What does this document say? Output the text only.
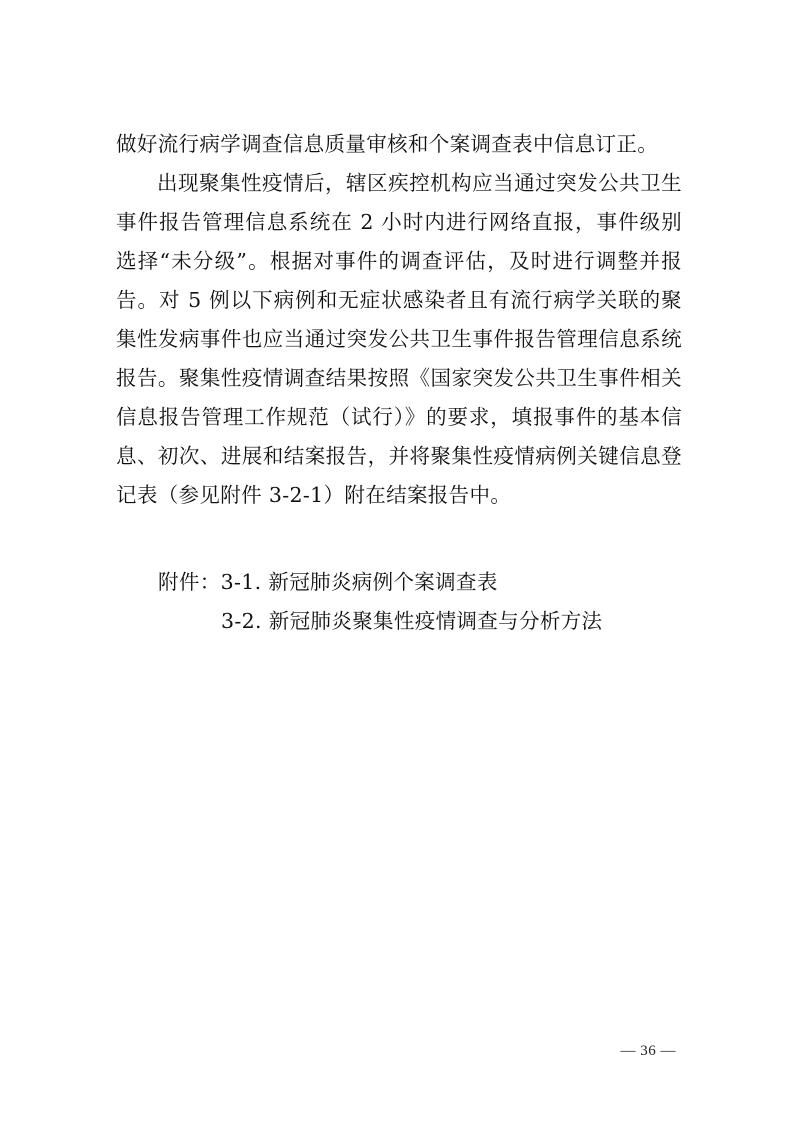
做好流行病学调查信息质量审核和个案调查表中信息订正。

出现聚集性疫情后，辖区疾控机构应当通过突发公共卫生事件报告管理信息系统在 2 小时内进行网络直报，事件级别选择“未分级”。根据对事件的调查评估，及时进行调整并报告。对 5 例以下病例和无症状感染者且有流行病学关联的聚集性发病事件也应当通过突发公共卫生事件报告管理信息系统报告。聚集性疫情调查结果按照《国家突发公共卫生事件相关信息报告管理工作规范（试行）》的要求，填报事件的基本信息、初次、进展和结案报告，并将聚集性疫情病例关键信息登记表（参见附件 3-2-1）附在结案报告中。

附件：3-1. 新冠肺炎病例个案调查表
3-2. 新冠肺炎聚集性疫情调查与分析方法
— 36 —
